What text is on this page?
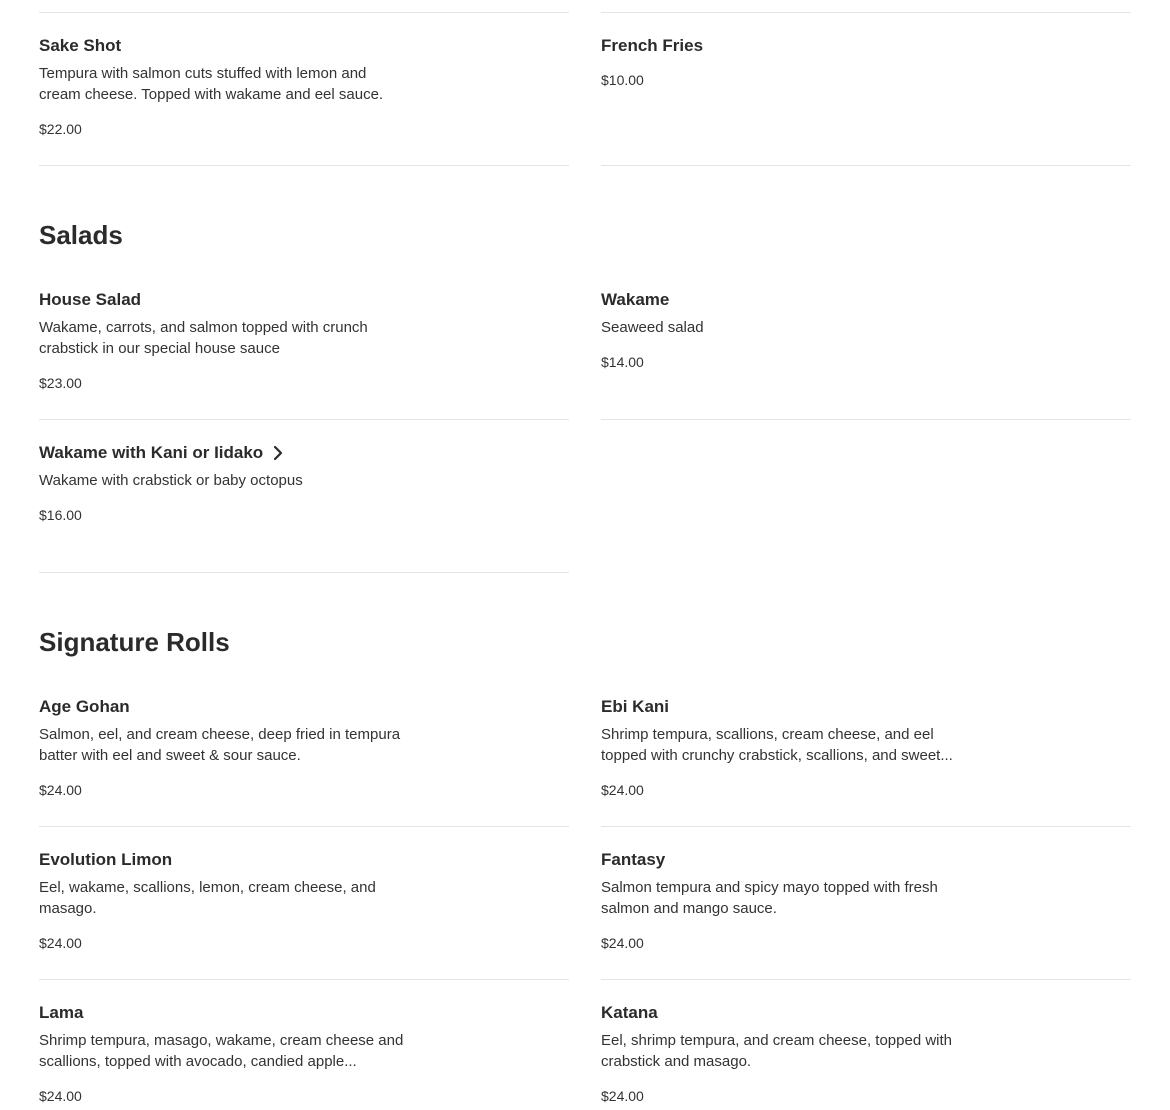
Sake Shot
Tempura with salmon cuts stuffed with lemon and cream cheese. Topped with wakame and eel sauce.
$22.00
French Fries
$10.00
Salads
House Salad
Wakame, carrots, and salmon topped with crunch crabstick in our special house sauce
$23.00
Wakame
Seaweed salad
$14.00
Wakame with Kani or Iidako
Wakame with crabstick or baby octopus
$16.00
Signature Rolls
Age Gohan
Salmon, eel, and cream cheese, deep fried in tempura batter with eel and sweet & sour sauce.
$24.00
Ebi Kani
Shrimp tempura, scallions, cream cheese, and eel topped with crunchy crabstick, scallions, and sweet...
$24.00
Evolution Limon
Eel, wakame, scallions, lemon, cream cheese, and masago.
$24.00
Fantasy
Salmon tempura and spicy mayo topped with fresh salmon and mango sauce.
$24.00
Lama
Shrimp tempura, masago, wakame, cream cheese and scallions, topped with avocado, candied apple...
$24.00
Katana
Eel, shrimp tempura, and cream cheese, topped with crabstick and masago.
$24.00
